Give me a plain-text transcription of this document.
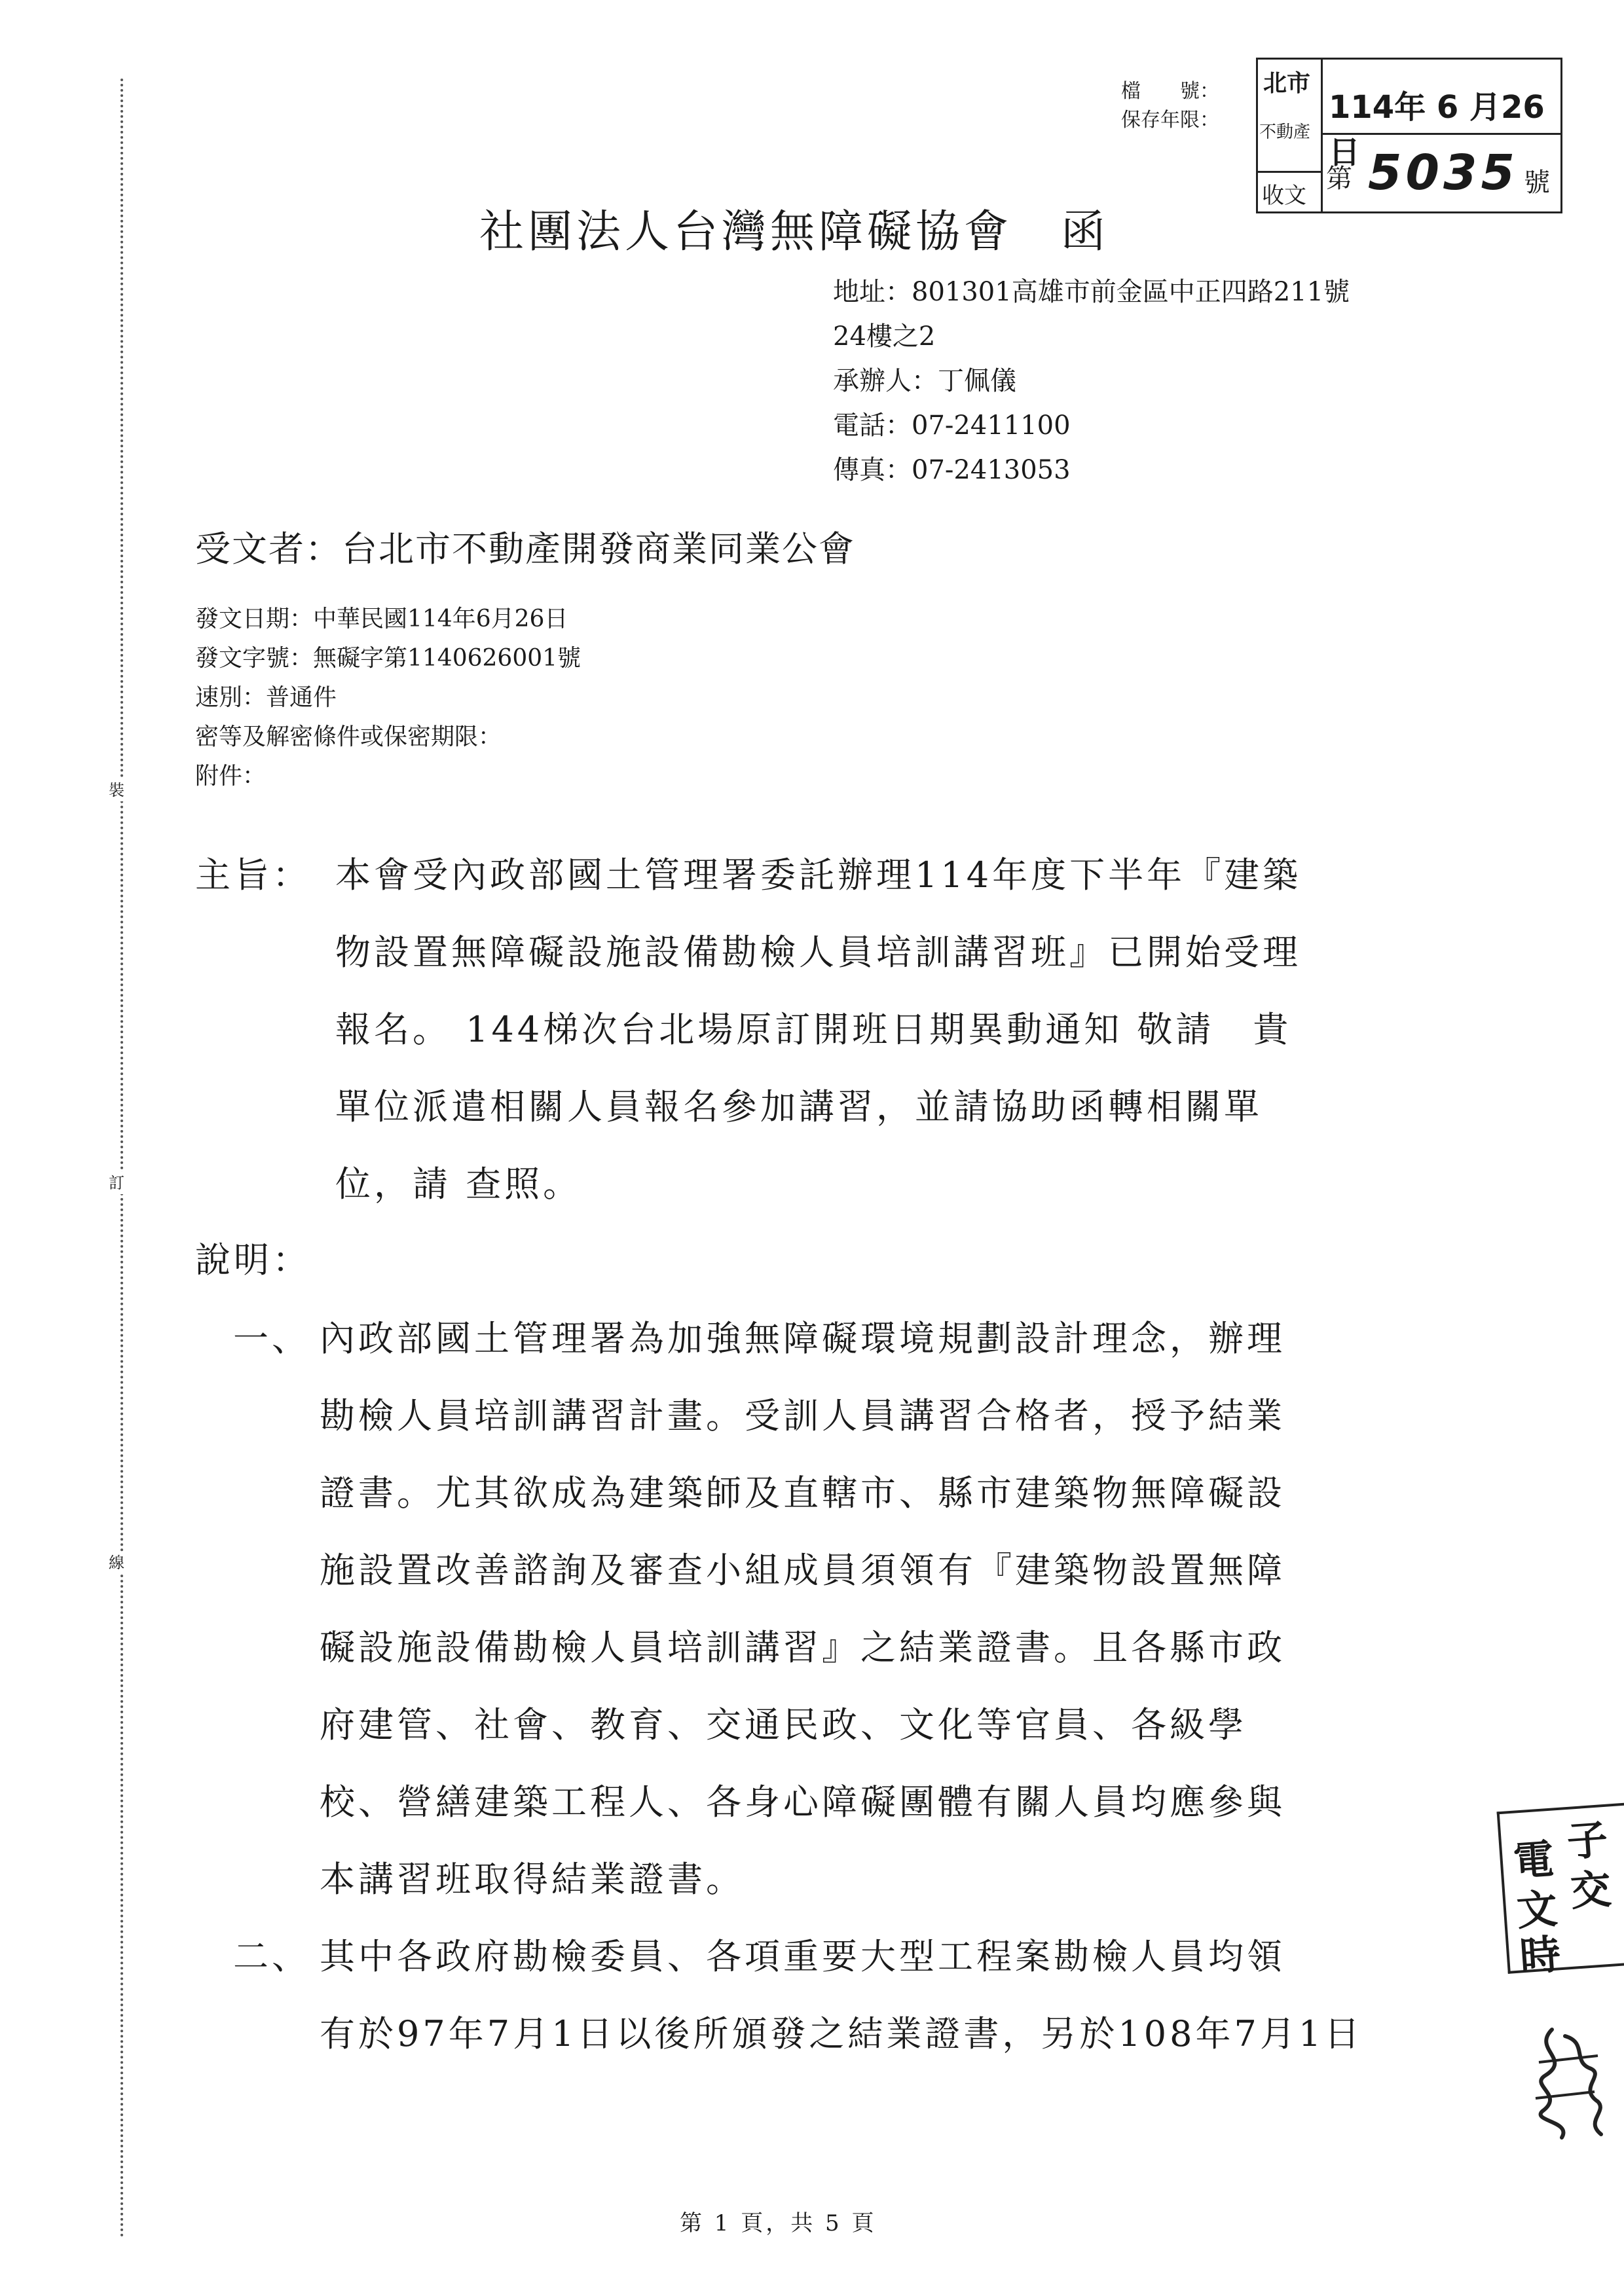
裝
訂
線
檔　　號：
保存年限：
北市
不動產
收文
114年 6 月26日
第 5035 號
社團法人台灣無障礙協會　函
地址：801301高雄市前金區中正四路211號
24樓之2
承辦人：丁佩儀
電話：07-2411100
傳真：07-2413053
受文者：台北市不動產開發商業同業公會
發文日期：中華民國114年6月26日
發文字號：無礙字第1140626001號
速別：普通件
密等及解密條件或保密期限：
附件：
主旨： 本會受內政部國土管理署委託辦理114年度下半年『建築
物設置無障礙設施設備勘檢人員培訓講習班』已開始受理
報名。 144梯次台北場原訂開班日期異動通知 敬請　貴
單位派遣相關人員報名參加講習，並請協助函轉相關單
位，請 查照。
說明：
一、 內政部國土管理署為加強無障礙環境規劃設計理念，辦理
勘檢人員培訓講習計畫。受訓人員講習合格者，授予結業
證書。尤其欲成為建築師及直轄市、縣市建築物無障礙設
施設置改善諮詢及審查小組成員須領有『建築物設置無障
礙設施設備勘檢人員培訓講習』之結業證書。且各縣市政
府建管、社會、教育、交通民政、文化等官員、各級學
校、營繕建築工程人、各身心障礙團體有關人員均應參與
本講習班取得結業證書。
二、 其中各政府勘檢委員、各項重要大型工程案勘檢人員均領
有於97年7月1日以後所頒發之結業證書，另於108年7月1日
電 子
文 交
時
第 1 頁，共 5 頁
